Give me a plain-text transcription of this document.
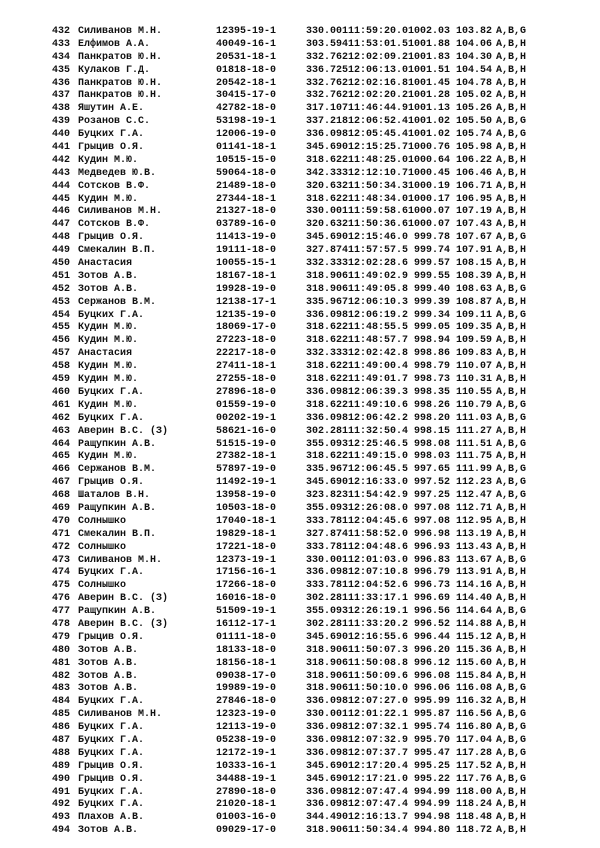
432 Силиванов М.Н.	12395-19-1	330.001 11:59:20.0 1002.03 103.82 A,B,G
433 Елфимов А.А.	40049-16-1	303.594 11:53:01.5 1001.88 104.06 A,B,H
434 Панкратов Ю.Н.	20531-18-1	332.762 12:02:09.2 1001.83 104.30 A,B,H
435 Кулаков Г.Д.	01818-18-0	336.725 12:06:13.0 1001.51 104.54 A,B,H
436 Панкратов Ю.Н.	20542-18-1	332.762 12:02:16.8 1001.45 104.78 A,B,H
437 Панкратов Ю.Н.	30415-17-0	332.762 12:02:20.2 1001.28 105.02 A,B,H
438 Яшутин А.Е.	42782-18-0	317.107 11:46:44.9 1001.13 105.26 A,B,H
439 Розанов С.С.	53198-19-1	337.218 12:06:52.4 1001.02 105.50 A,B,G
440 Буцких Г.А.	12006-19-0	336.098 12:05:45.4 1001.02 105.74 A,B,G
441 Грыцив О.Я.	01141-18-1	345.690 12:15:25.7 1000.76 105.98 A,B,H
442 Кудин М.Ю.	10515-15-0	318.622 11:48:25.0 1000.64 106.22 A,B,H
443 Медведев Ю.В.	59064-18-0	342.333 12:12:10.7 1000.45 106.46 A,B,H
444 Сотсков В.Ф.	21489-18-0	320.632 11:50:34.3 1000.19 106.71 A,B,H
445 Кудин М.Ю.	27344-18-1	318.622 11:48:34.0 1000.17 106.95 A,B,H
446 Силиванов М.Н.	21327-18-0	330.001 11:59:58.6 1000.07 107.19 A,B,H
447 Сотсков В.Ф.	03789-16-0	320.632 11:50:36.6 1000.07 107.43 A,B,H
448 Грыцив О.Я.	11413-19-0	345.690 12:15:46.0 999.78 107.67 A,B,G
449 Смекалин В.П.	19111-18-0	327.874 11:57:57.5 999.74 107.91 A,B,H
450 Анастасия	10055-15-1	332.333 12:02:28.6 999.57 108.15 A,B,H
451 Зотов А.В.	18167-18-1	318.906 11:49:02.9 999.55 108.39 A,B,H
452 Зотов А.В.	19928-19-0	318.906 11:49:05.8 999.40 108.63 A,B,G
453 Сержанов В.М.	12138-17-1	335.967 12:06:10.3 999.39 108.87 A,B,H
454 Буцких Г.А.	12135-19-0	336.098 12:06:19.2 999.34 109.11 A,B,G
455 Кудин М.Ю.	18069-17-0	318.622 11:48:55.5 999.05 109.35 A,B,H
456 Кудин М.Ю.	27223-18-0	318.622 11:48:57.7 998.94 109.59 A,B,H
457 Анастасия	22217-18-0	332.333 12:02:42.8 998.86 109.83 A,B,H
458 Кудин М.Ю.	27411-18-1	318.622 11:49:00.4 998.79 110.07 A,B,H
459 Кудин М.Ю.	27255-18-0	318.622 11:49:01.7 998.73 110.31 A,B,H
460 Буцких Г.А.	27896-18-0	336.098 12:06:39.3 998.35 110.55 A,B,H
461 Кудин М.Ю.	01559-19-0	318.622 11:49:10.6 998.26 110.79 A,B,G
462 Буцких Г.А.	00202-19-1	336.098 12:06:42.2 998.20 111.03 A,B,G
463 Аверин В.С. (З)	58621-16-0	302.281 11:32:50.4 998.15 111.27 A,B,H
464 Ращупкин А.В.	51515-19-0	355.093 12:25:46.5 998.08 111.51 A,B,G
465 Кудин М.Ю.	27382-18-1	318.622 11:49:15.0 998.03 111.75 A,B,H
466 Сержанов В.М.	57897-19-0	335.967 12:06:45.5 997.65 111.99 A,B,G
467 Грыцив О.Я.	11492-19-1	345.690 12:16:33.0 997.52 112.23 A,B,G
468 Шаталов В.Н.	13958-19-0	323.823 11:54:42.9 997.25 112.47 A,B,G
469 Ращупкин А.В.	10503-18-0	355.093 12:26:08.0 997.08 112.71 A,B,H
470 Солнышко	17040-18-1	333.781 12:04:45.6 997.08 112.95 A,B,H
471 Смекалин В.П.	19829-18-1	327.874 11:58:52.0 996.98 113.19 A,B,H
472 Солнышко	17221-18-0	333.781 12:04:48.6 996.93 113.43 A,B,H
473 Силиванов М.Н.	12373-19-1	330.001 12:01:03.0 996.83 113.67 A,B,G
474 Буцких Г.А.	17156-16-1	336.098 12:07:10.8 996.79 113.91 A,B,H
475 Солнышко	17266-18-0	333.781 12:04:52.6 996.73 114.16 A,B,H
476 Аверин В.С. (З)	16016-18-0	302.281 11:33:17.1 996.69 114.40 A,B,H
477 Ращупкин А.В.	51509-19-1	355.093 12:26:19.1 996.56 114.64 A,B,G
478 Аверин В.С. (З)	16112-17-1	302.281 11:33:20.2 996.52 114.88 A,B,H
479 Грыцив О.Я.	01111-18-0	345.690 12:16:55.6 996.44 115.12 A,B,H
480 Зотов А.В.	18133-18-0	318.906 11:50:07.3 996.20 115.36 A,B,H
481 Зотов А.В.	18156-18-1	318.906 11:50:08.8 996.12 115.60 A,B,H
482 Зотов А.В.	09038-17-0	318.906 11:50:09.6 996.08 115.84 A,B,H
483 Зотов А.В.	19989-19-0	318.906 11:50:10.0 996.06 116.08 A,B,G
484 Буцких Г.А.	27846-18-0	336.098 12:07:27.0 995.99 116.32 A,B,H
485 Силиванов М.Н.	12323-19-0	330.001 12:01:22.1 995.87 116.56 A,B,G
486 Буцких Г.А.	12113-19-0	336.098 12:07:32.1 995.74 116.80 A,B,G
487 Буцких Г.А.	05238-19-0	336.098 12:07:32.9 995.70 117.04 A,B,G
488 Буцких Г.А.	12172-19-1	336.098 12:07:37.7 995.47 117.28 A,B,G
489 Грыцив О.Я.	10333-16-1	345.690 12:17:20.4 995.25 117.52 A,B,H
490 Грыцив О.Я.	34488-19-1	345.690 12:17:21.0 995.22 117.76 A,B,G
491 Буцких Г.А.	27890-18-0	336.098 12:07:47.4 994.99 118.00 A,B,H
492 Буцких Г.А.	21020-18-1	336.098 12:07:47.4 994.99 118.24 A,B,H
493 Плахов А.В.	01003-16-0	344.490 12:16:13.7 994.98 118.48 A,B,H
494 Зотов А.В.	09029-17-0	318.906 11:50:34.4 994.80 118.72 A,B,H
